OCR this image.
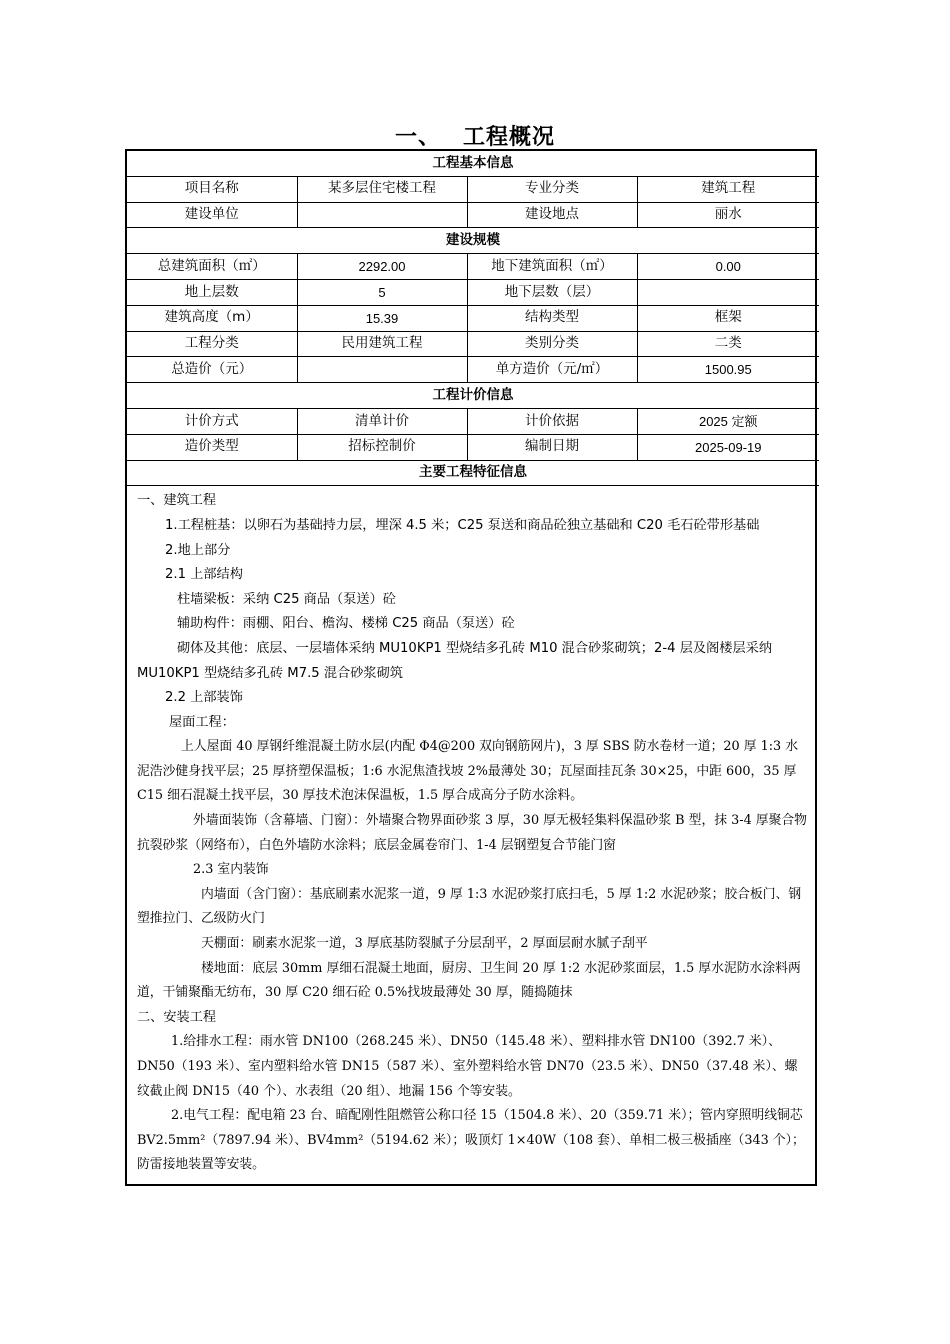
一、 工程概况
工程基本信息			
项目名称	某多层住宅楼工程	专业分类	建筑工程
建设单位		建设地点	丽水
建设规模			
总建筑面积（㎡）	2292.00	地下建筑面积（㎡）	0.00
地上层数	5	地下层数（层）	
建筑高度（m）	15.39	结构类型	框架
工程分类	民用建筑工程	类别分类	二类
总造价（元）		单方造价（元/㎡）	1500.95
工程计价信息			
计价方式	清单计价	计价依据	2025 定额
造价类型	招标控制价	编制日期	2025-09-19
主要工程特征信息			

一、建筑工程

1.工程桩基：以卵石为基础持力层，埋深 4.5 米；C25 泵送和商品砼独立基础和 C20 毛石砼带形基础

2.地上部分

2.1 上部结构

柱墙梁板：采纳 C25 商品（泵送）砼

辅助构件：雨棚、阳台、檐沟、楼梯 C25 商品（泵送）砼

砌体及其他：底层、一层墙体采纳 MU10KP1 型烧结多孔砖 M10 混合砂浆砌筑；2-4 层及阁楼层采纳 MU10KP1 型烧结多孔砖 M7.5 混合砂浆砌筑

2.2 上部装饰

屋面工程：

上人屋面 40 厚钢纤维混凝土防水层(内配 Φ4@200 双向钢筋网片)，3 厚 SBS 防水卷材一道；20 厚 1:3 水泥浩沙健身找平层；25 厚挤塑保温板；1:6 水泥焦渣找坡 2%最薄处 30；瓦屋面挂瓦条 30×25，中距 600，35 厚 C15 细石混凝土找平层，30 厚技术泡沫保温板，1.5 厚合成高分子防水涂料。

外墙面装饰（含幕墙、门窗）：外墙聚合物界面砂浆 3 厚，30 厚无极轻集料保温砂浆 B 型，抹 3-4 厚聚合物抗裂砂浆（网络布），白色外墙防水涂料；底层金属卷帘门、1-4 层钢塑复合节能门窗

2.3 室内装饰

内墙面（含门窗）：基底刷素水泥浆一道，9 厚 1:3 水泥砂浆打底扫毛，5 厚 1:2 水泥砂浆；胶合板门、钢塑推拉门、乙级防火门

天棚面：刷素水泥浆一道，3 厚底基防裂腻子分层刮平，2 厚面层耐水腻子刮平

楼地面：底层 30mm 厚细石混凝土地面，厨房、卫生间 20 厚 1:2 水泥砂浆面层，1.5 厚水泥防水涂料两道，干铺聚酯无纺布，30 厚 C20 细石砼 0.5%找坡最薄处 30 厚，随捣随抹

二、安装工程

1.给排水工程：雨水管 DN100（268.245 米）、DN50（145.48 米）、塑料排水管 DN100（392.7 米）、DN50（193 米）、室内塑料给水管 DN15（587 米）、室外塑料给水管 DN70（23.5 米）、DN50（37.48 米）、螺纹截止阀 DN15（40 个）、水表组（20 组）、地漏 156 个等安装。

2.电气工程：配电箱 23 台、暗配刚性阻燃管公称口径 15（1504.8 米）、20（359.71 米）；管内穿照明线铜芯 BV2.5mm²（7897.94 米）、BV4mm²（5194.62 米）；吸顶灯 1×40W（108 套）、单相二极三极插座（343 个）；防雷接地装置等安装。
